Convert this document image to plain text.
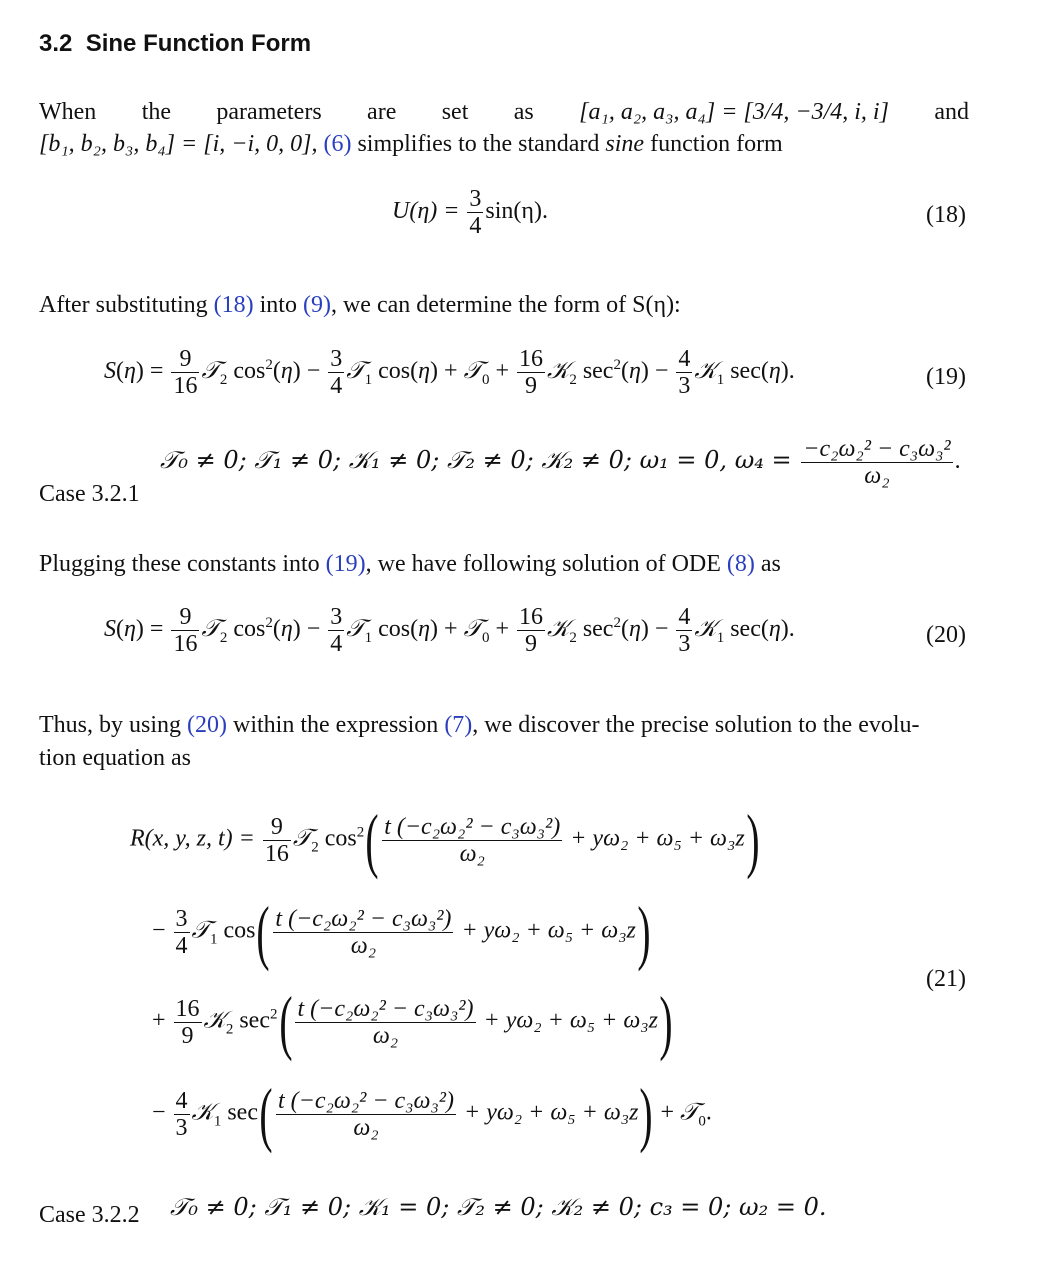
3.2 Sine Function Form
When the parameters are set as [a₁, a₂, a₃, a₄] = [3/4, −3/4, i, i] and
[b₁, b₂, b₃, b₄] = [i, −i, 0, 0], (6) simplifies to the standard sine function form
$U(\eta) = \frac{3}{4} \sin(\eta)$.	(18)
After substituting (18) into (9), we can determine the form of S(η):
$S(\eta) = \frac{9}{16}$ 𝒯$_2$ $\cos^2(\eta) - \frac{3}{4}$ 𝒯$_1$ cos(η) + 𝒯$_0$ + $\frac{16}{9}$ 𝒦$_2$ $\sec^2(\eta) - \frac{4}{3}$ 𝒦$_1$ sec(η).	(19)
Case 3.2.1
𝒯₀ ≠ 0; 𝒯₁ ≠ 0; 𝒦₁ ≠ 0; 𝒯₂ ≠ 0; 𝒦₂ ≠ 0; ω₁ = 0, $\omega_4 = \frac{\text{−c₂ω₂² − c₃ω₃²}}{\text{ω₂}}$ .
Plugging these constants into (19), we have following solution of ODE (8) as
$S(\eta) = \frac{9}{16}$ 𝒯$_2$ $\cos^2(\eta) - \frac{3}{4}$ 𝒯$_1$ cos(η) + 𝒯$_0$ + $\frac{16}{9}$ 𝒦$_2$ $\sec^2(\eta) - \frac{4}{3}$ 𝒦$_1$ sec(η).	(20)
Thus, by using (20) within the expression (7), we discover the precise solution to the evolu-
tion equation as
R(x, y, z, $t) = \frac{9}{16}$ 𝒯$_2$ $\cos^2( \frac{\text{t (−c₂ω₂² − c₃ω₃²)}}{\text{ω₂}} + y\omega_2 + \omega_5 + \omega_3z)$
− $\frac{3}{4}$ 𝒯$_1$ $\cos( \frac{\text{t (−c₂ω₂² − c₃ω₃²)}}{\text{ω₂}} + y\omega_2 + \omega_5 + \omega_3z)$
(21)
+ $\frac{16}{9}$ 𝒦$_2$ $\sec^2( \frac{\text{t (−c₂ω₂² − c₃ω₃²)}}{\text{ω₂}} + y\omega_2 + \omega_5 + \omega_3z)$
− $\frac{4}{3}$ 𝒦$_1$ $\sec( \frac{\text{t (−c₂ω₂² − c₃ω₃²)}}{\text{ω₂}} + y\omega_2 + \omega_5 + \omega_3z)$ + 𝒯$_0$.
Case 3.2.2 𝒯₀ ≠ 0; 𝒯₁ ≠ 0; 𝒦₁ = 0; 𝒯₂ ≠ 0; 𝒦₂ ≠ 0; c₃ = 0; ω₂ = 0.
